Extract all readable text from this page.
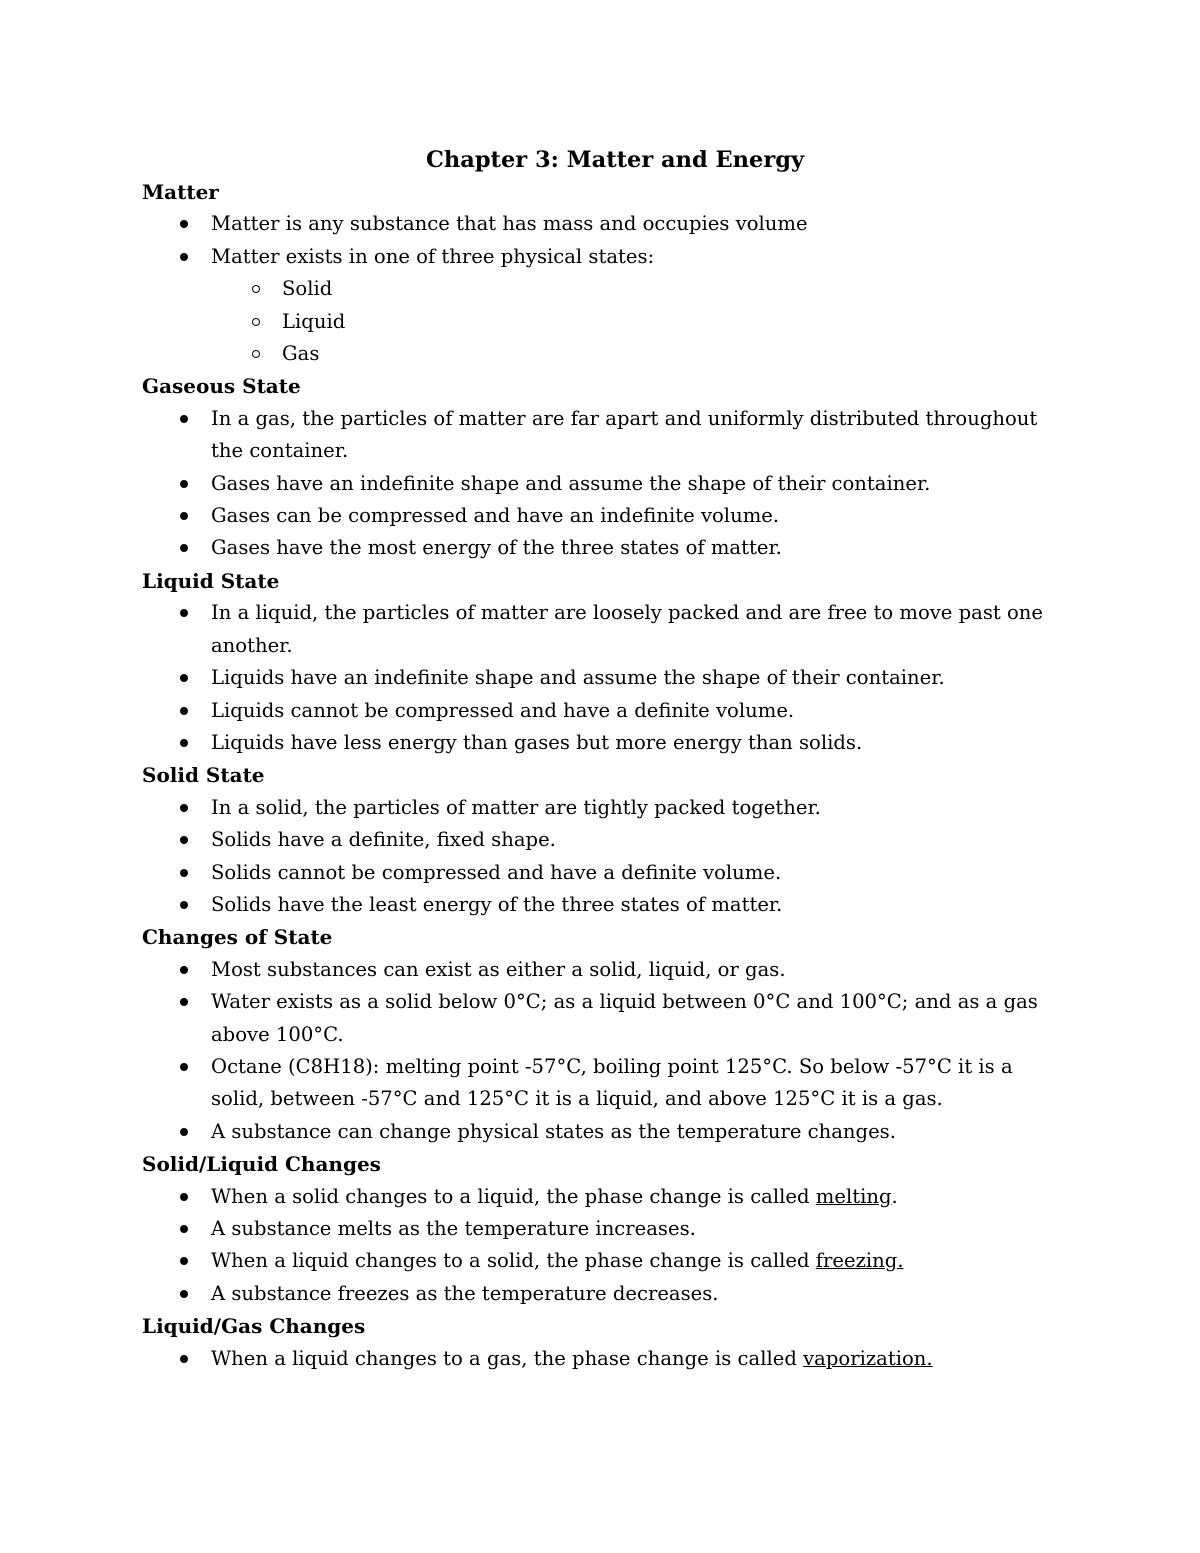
Chapter 3: Matter and Energy
Matter
Matter is any substance that has mass and occupies volume
Matter exists in one of three physical states:
Solid
Liquid
Gas
Gaseous State
In a gas, the particles of matter are far apart and uniformly distributed throughout the container.
Gases have an indefinite shape and assume the shape of their container.
Gases can be compressed and have an indefinite volume.
Gases have the most energy of the three states of matter.
Liquid State
In a liquid, the particles of matter are loosely packed and are free to move past one another.
Liquids have an indefinite shape and assume the shape of their container.
Liquids cannot be compressed and have a definite volume.
Liquids have less energy than gases but more energy than solids.
Solid State
In a solid, the particles of matter are tightly packed together.
Solids have a definite, fixed shape.
Solids cannot be compressed and have a definite volume.
Solids have the least energy of the three states of matter.
Changes of State
Most substances can exist as either a solid, liquid, or gas.
Water exists as a solid below 0°C; as a liquid between 0°C and 100°C; and as a gas above 100°C.
Octane (C8H18): melting point -57°C, boiling point 125°C. So below -57°C it is a solid, between -57°C and 125°C it is a liquid, and above 125°C it is a gas.
A substance can change physical states as the temperature changes.
Solid/Liquid Changes
When a solid changes to a liquid, the phase change is called melting.
A substance melts as the temperature increases.
When a liquid changes to a solid, the phase change is called freezing.
A substance freezes as the temperature decreases.
Liquid/Gas Changes
When a liquid changes to a gas, the phase change is called vaporization.
